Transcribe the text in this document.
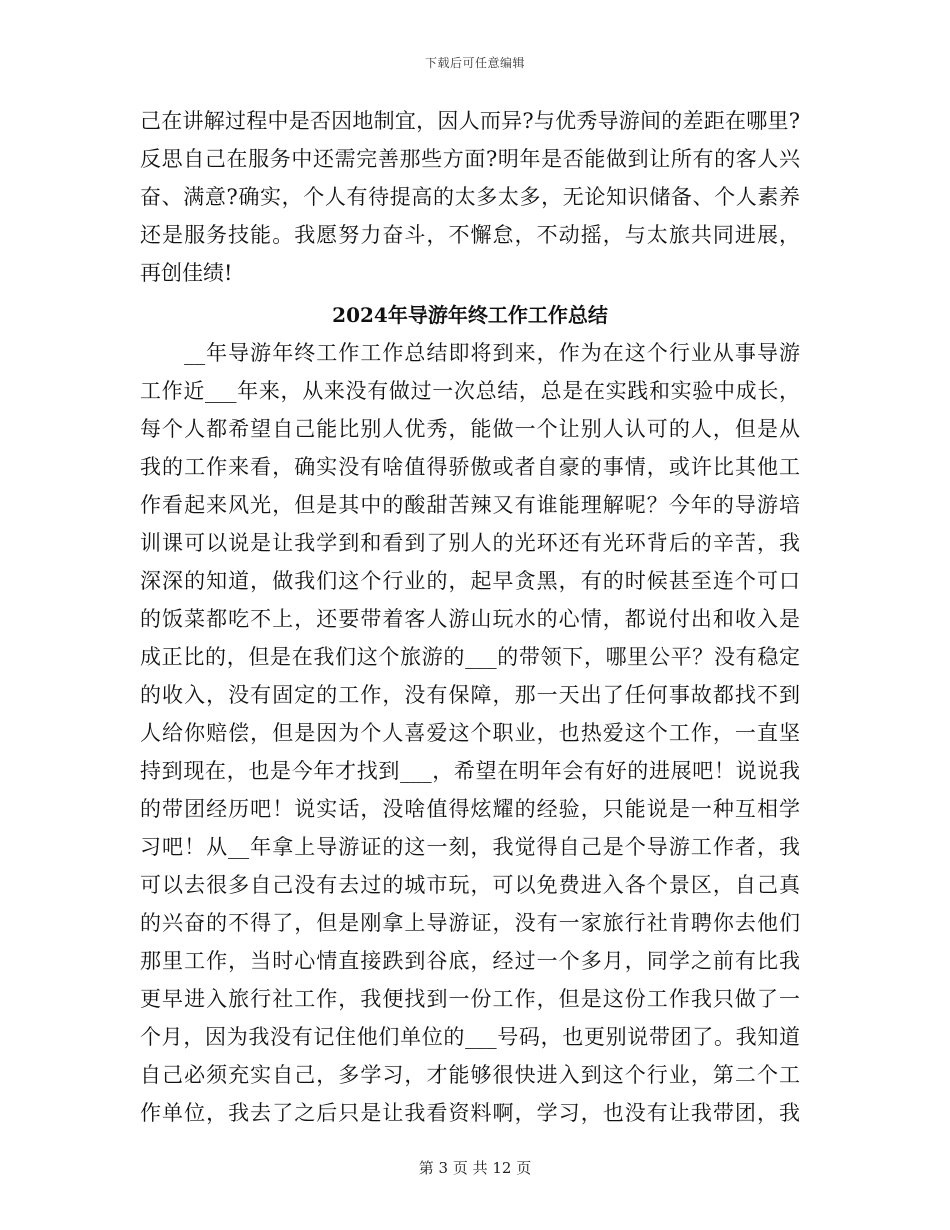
下载后可任意编辑
己在讲解过程中是否因地制宜，因人而异?与优秀导游间的差距在哪里?
反思自己在服务中还需完善那些方面?明年是否能做到让所有的客人兴
奋、满意?确实，个人有待提高的太多太多，无论知识储备、个人素养
还是服务技能。我愿努力奋斗，不懈怠，不动摇，与太旅共同进展，
再创佳绩!
2024年导游年终工作工作总结
　　__年导游年终工作工作总结即将到来，作为在这个行业从事导游
工作近___年来，从来没有做过一次总结，总是在实践和实验中成长，
每个人都希望自己能比别人优秀，能做一个让别人认可的人，但是从
我的工作来看，确实没有啥值得骄傲或者自豪的事情，或许比其他工
作看起来风光，但是其中的酸甜苦辣又有谁能理解呢？今年的导游培
训课可以说是让我学到和看到了别人的光环还有光环背后的辛苦，我
深深的知道，做我们这个行业的，起早贪黑，有的时候甚至连个可口
的饭菜都吃不上，还要带着客人游山玩水的心情，都说付出和收入是
成正比的，但是在我们这个旅游的___的带领下，哪里公平？没有稳定
的收入，没有固定的工作，没有保障，那一天出了任何事故都找不到
人给你赔偿，但是因为个人喜爱这个职业，也热爱这个工作，一直坚
持到现在，也是今年才找到___，希望在明年会有好的进展吧！说说我
的带团经历吧！说实话，没啥值得炫耀的经验，只能说是一种互相学
习吧！从__年拿上导游证的这一刻，我觉得自己是个导游工作者，我
可以去很多自己没有去过的城市玩，可以免费进入各个景区，自己真
的兴奋的不得了，但是刚拿上导游证，没有一家旅行社肯聘你去他们
那里工作，当时心情直接跌到谷底，经过一个多月，同学之前有比我
更早进入旅行社工作，我便找到一份工作，但是这份工作我只做了一
个月，因为我没有记住他们单位的___号码，也更别说带团了。我知道
自己必须充实自己，多学习，才能够很快进入到这个行业，第二个工
作单位，我去了之后只是让我看资料啊，学习，也没有让我带团，我
第 3 页 共 12 页
